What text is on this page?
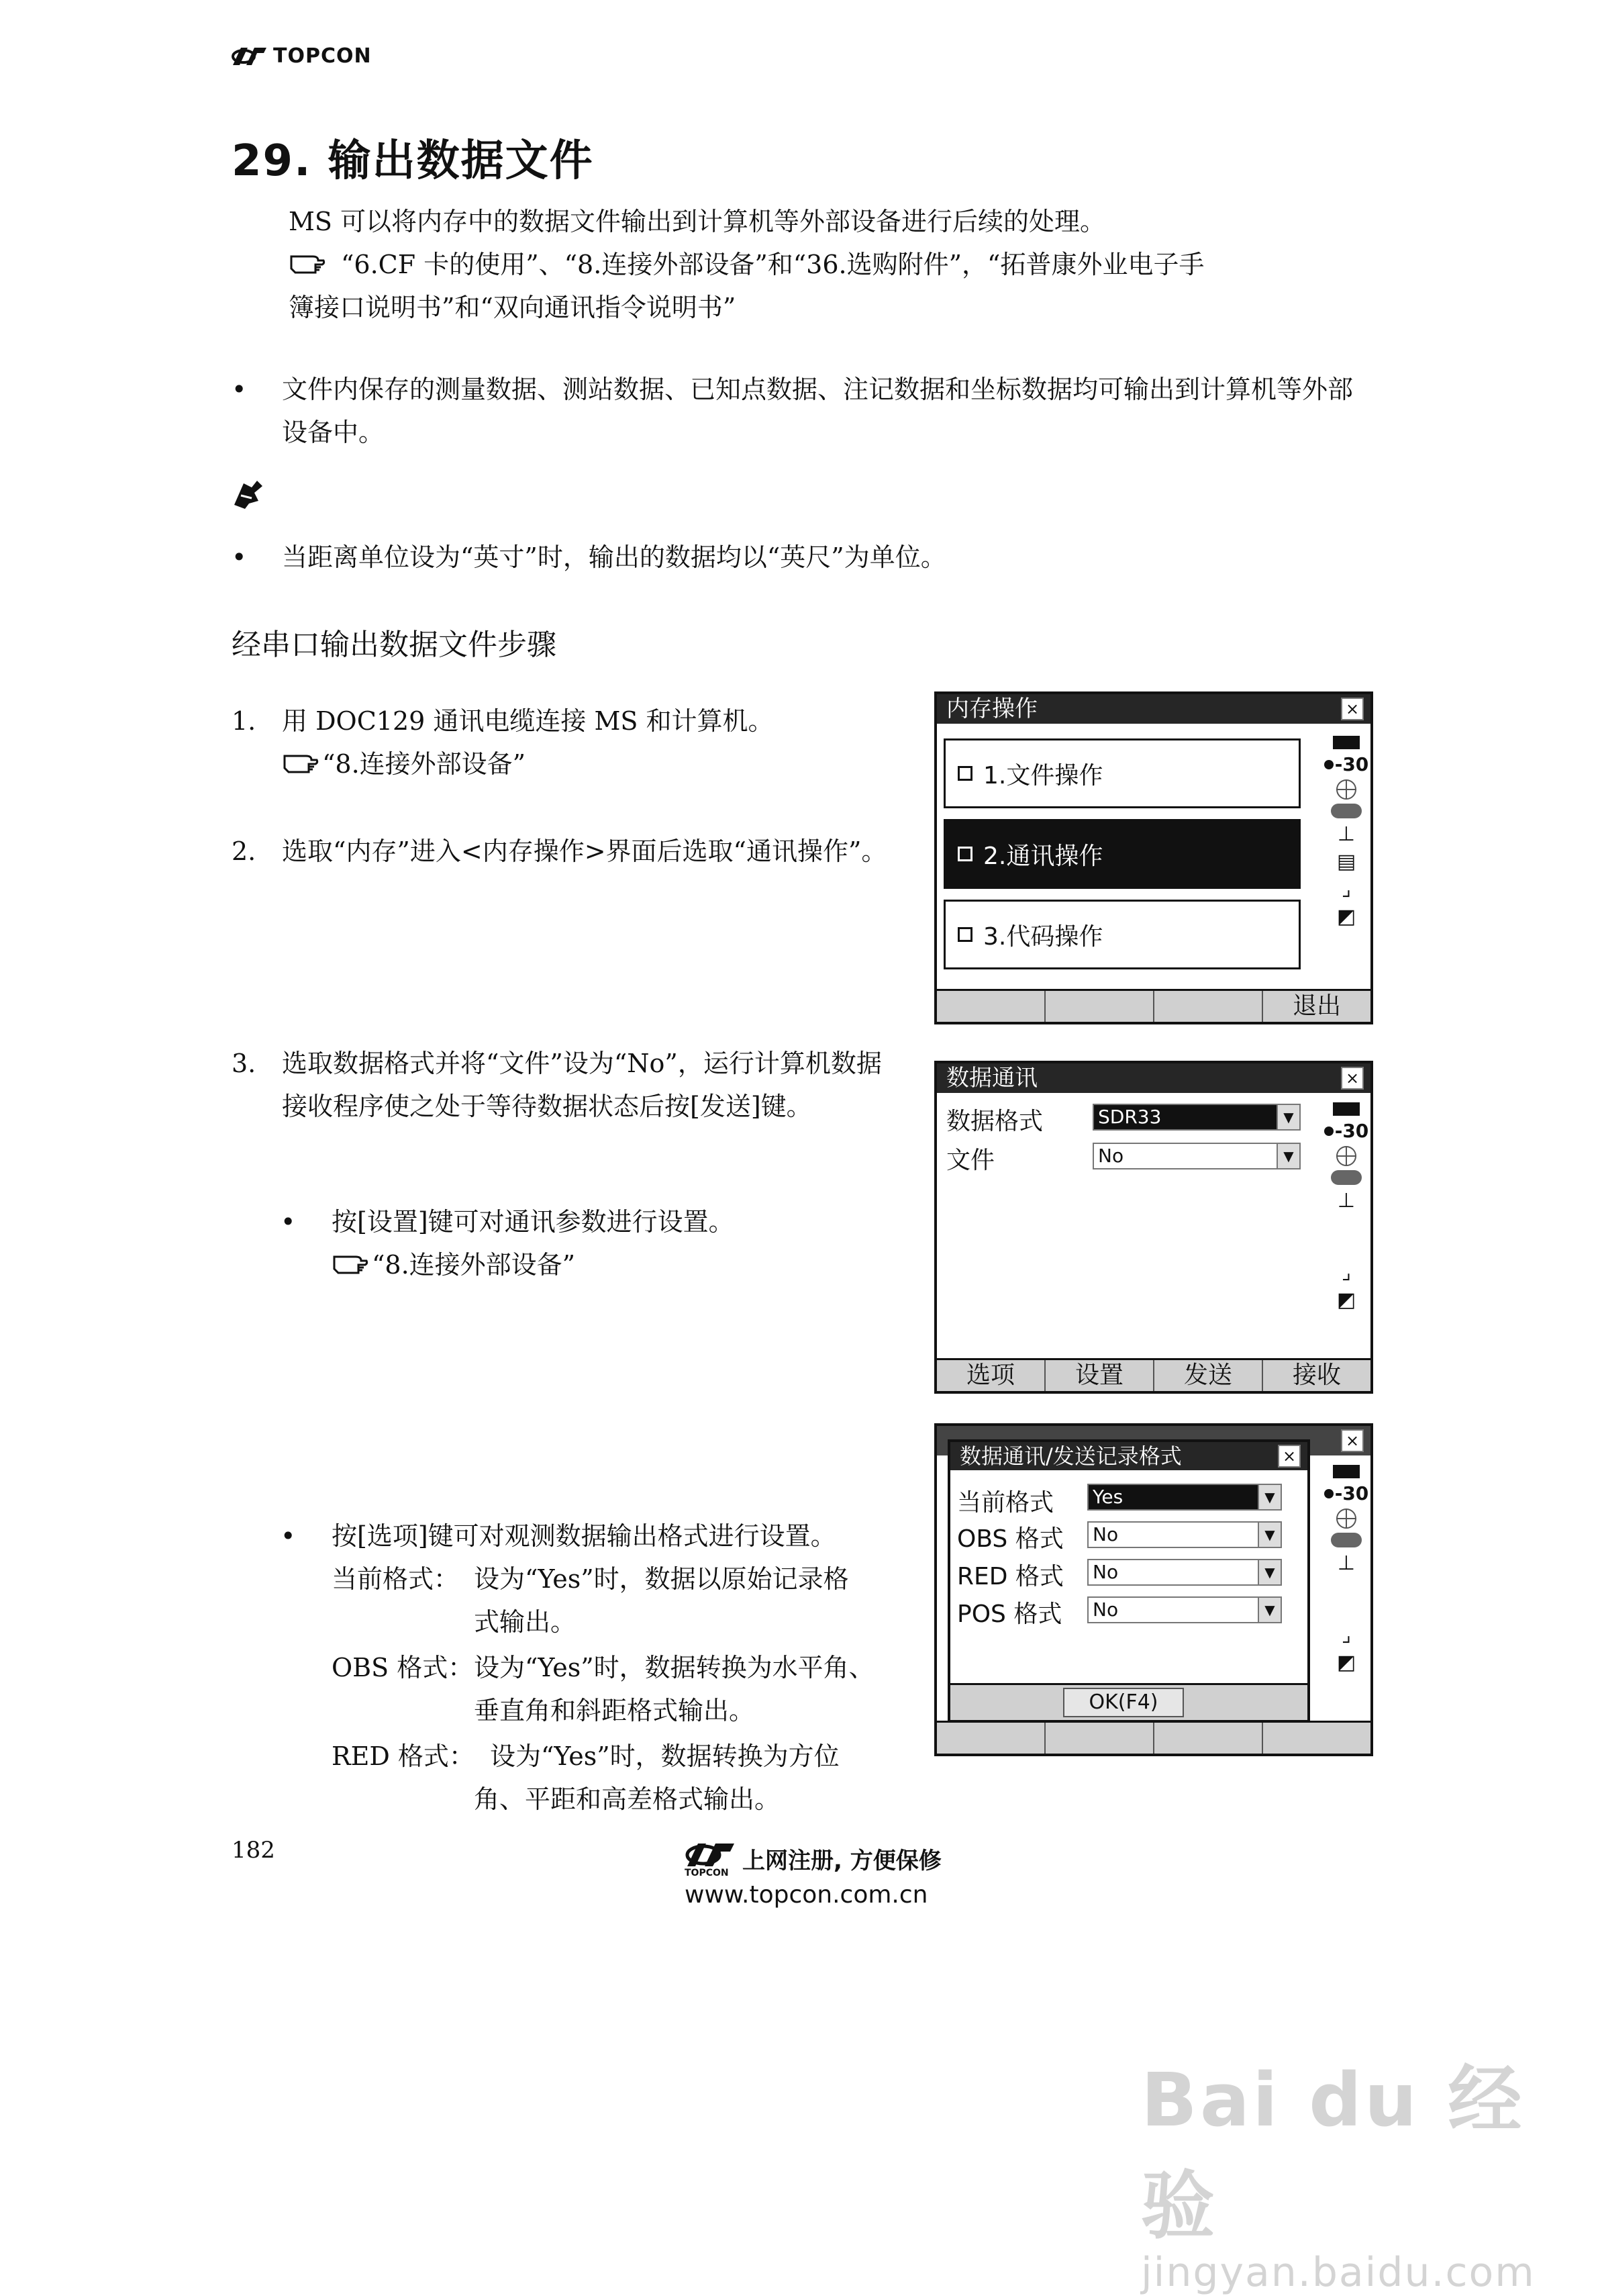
TOPCON
29. 输出数据文件
MS 可以将内存中的数据文件输出到计算机等外部设备进行后续的处理。
“6.CF 卡的使用”、“8.连接外部设备”和“36.选购附件”，“拓普康外业电子手
簿接口说明书”和“双向通讯指令说明书”
• 文件内保存的测量数据、测站数据、已知点数据、注记数据和坐标数据均可输出到计算机等外部设备中。
• 当距离单位设为“英寸”时，输出的数据均以“英尺”为单位。
经串口输出数据文件步骤
1. 用 DOC129 通讯电缆连接 MS 和计算机。
“8.连接外部设备”
2. 选取“内存”进入<内存操作>界面后选取“通讯操作”。
3. 选取数据格式并将“文件”设为“No”，运行计算机数据接收程序使之处于等待数据状态后按[发送]键。
• 按[设置]键可对通讯参数进行设置。
“8.连接外部设备”
• 按[选项]键可对观测数据输出格式进行设置。
当前格式： 设为“Yes”时，数据以原始记录格
式输出。
OBS 格式： 设为“Yes”时，数据转换为水平角、
垂直角和斜距格式输出。
RED 格式： 设为“Yes”时，数据转换为方位
角、平距和高差格式输出。
内存操作	×
1.文件操作
2.通讯操作
3.代码操作
-30
⊥
▤
⌟
◩
退出
数据通讯	×
数据格式	SDR33	▼
文件	No	▼
-30
⊥
⌟
◩
选项	设置	发送	接收
×
-30
⊥
⌟
◩
数据通讯/发送记录格式	×
当前格式 Yes	▼
OBS 格式 No	▼
RED 格式 No	▼
POS 格式 No	▼
OK(F4)
182	上网注册, 方便保修
TOPCON
www.topcon.com.cn
Bai du 经验
jingyan.baidu.com
